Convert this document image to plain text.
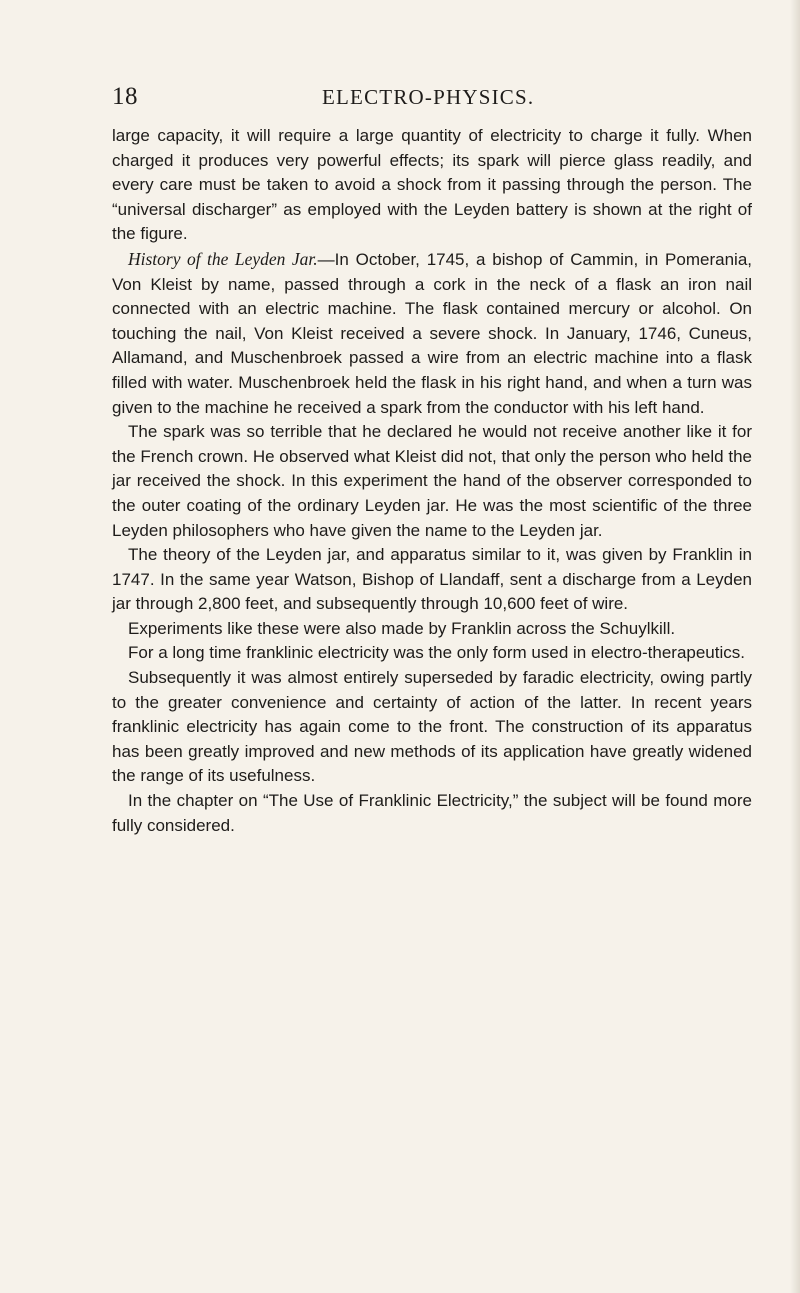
18	ELECTRO-PHYSICS.

large capacity, it will require a large quantity of electricity to charge it fully. When charged it produces very powerful effects; its spark will pierce glass readily, and every care must be taken to avoid a shock from it passing through the person. The “universal discharger” as employed with the Leyden battery is shown at the right of the figure.

History of the Leyden Jar.—In October, 1745, a bishop of Cammin, in Pomerania, Von Kleist by name, passed through a cork in the neck of a flask an iron nail connected with an electric machine. The flask contained mercury or alcohol. On touching the nail, Von Kleist received a severe shock. In January, 1746, Cuneus, Allamand, and Muschenbroek passed a wire from an electric machine into a flask filled with water. Muschenbroek held the flask in his right hand, and when a turn was given to the machine he received a spark from the conductor with his left hand.

The spark was so terrible that he declared he would not receive another like it for the French crown. He observed what Kleist did not, that only the person who held the jar received the shock. In this experiment the hand of the observer corresponded to the outer coating of the ordinary Leyden jar. He was the most scientific of the three Leyden philosophers who have given the name to the Leyden jar.

The theory of the Leyden jar, and apparatus similar to it, was given by Franklin in 1747. In the same year Watson, Bishop of Llandaff, sent a discharge from a Leyden jar through 2,800 feet, and subsequently through 10,600 feet of wire.

Experiments like these were also made by Franklin across the Schuylkill.

For a long time franklinic electricity was the only form used in electro-therapeutics.

Subsequently it was almost entirely superseded by faradic electricity, owing partly to the greater convenience and certainty of action of the latter. In recent years franklinic electricity has again come to the front. The construction of its apparatus has been greatly improved and new methods of its application have greatly widened the range of its usefulness.

In the chapter on “The Use of Franklinic Electricity,” the subject will be found more fully considered.
